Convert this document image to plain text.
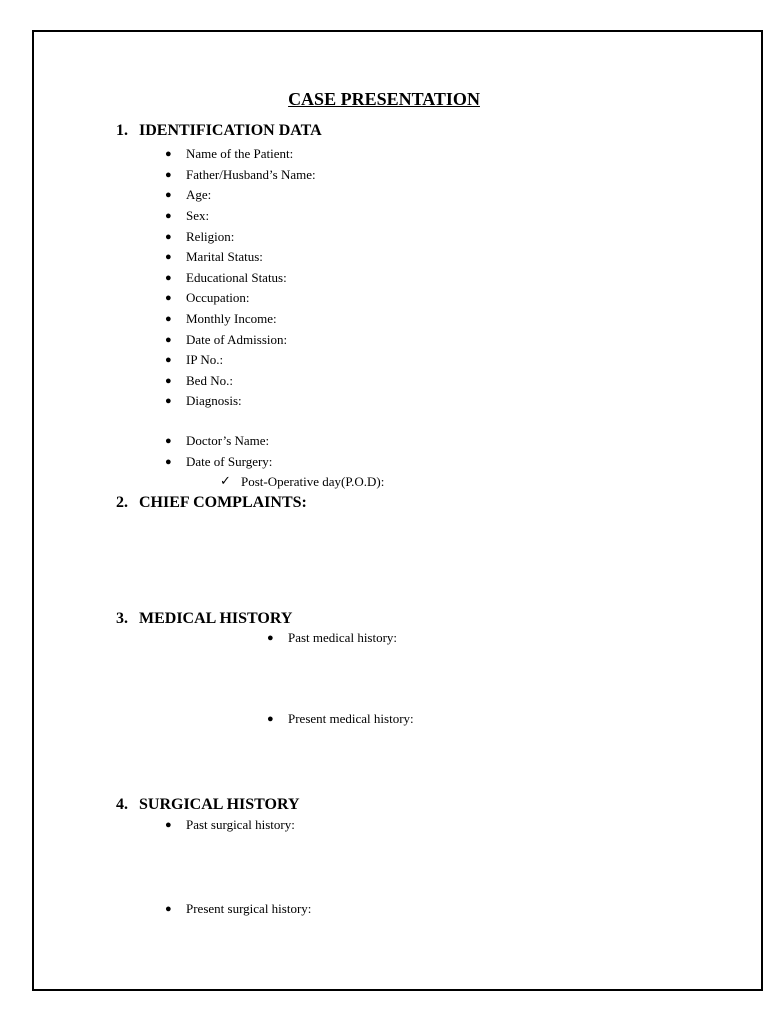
CASE PRESENTATION
1. IDENTIFICATION DATA
● Name of the Patient:
● Father/Husband’s Name:
● Age:
● Sex:
● Religion:
● Marital Status:
● Educational Status:
● Occupation:
● Monthly Income:
● Date of Admission:
● IP No.:
● Bed No.:
● Diagnosis:
● Doctor’s Name:
● Date of Surgery:
✓ Post-Operative day(P.O.D):
2. CHIEF COMPLAINTS:
3. MEDICAL HISTORY
● Past medical history:
● Present medical history:
4. SURGICAL HISTORY
● Past surgical history:
● Present surgical history:
